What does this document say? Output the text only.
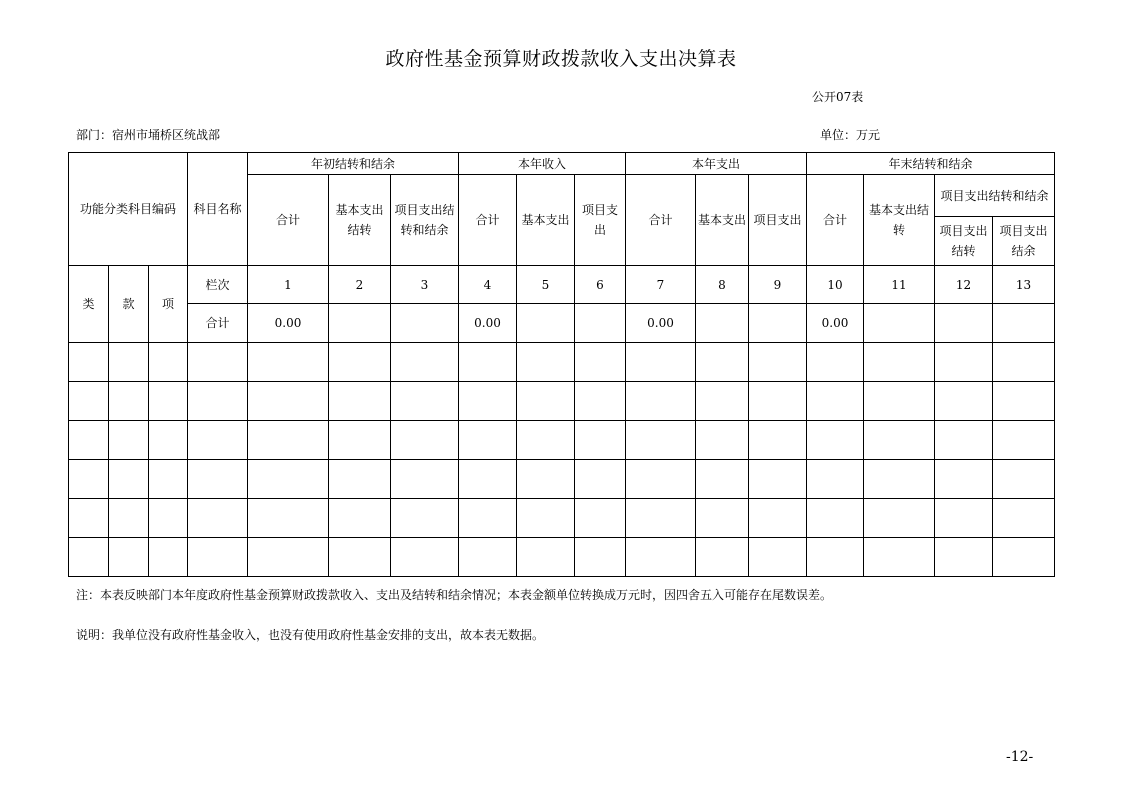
政府性基金预算财政拨款收入支出决算表
公开07表
部门：宿州市埇桥区统战部	单位：万元
功能分类科目编码			科目名称	年初结转和结余			本年收入			本年支出			年末结转和结余			
				合计	基本支出结转	项目支出结转和结余	合计	基本支出	项目支出	合计	基本支出	项目支出	合计	基本支出结转	项目支出结转和结余	
															项目支出结转	项目支出结余
类	款	项	栏次	1	2	3	4	5	6	7	8	9	10	11	12	13
			合计	0.00			0.00			0.00			0.00			

注：本表反映部门本年度政府性基金预算财政拨款收入、支出及结转和结余情况；本表金额单位转换成万元时，因四舍五入可能存在尾数误差。
说明：我单位没有政府性基金收入，也没有使用政府性基金安排的支出，故本表无数据。
-12-
